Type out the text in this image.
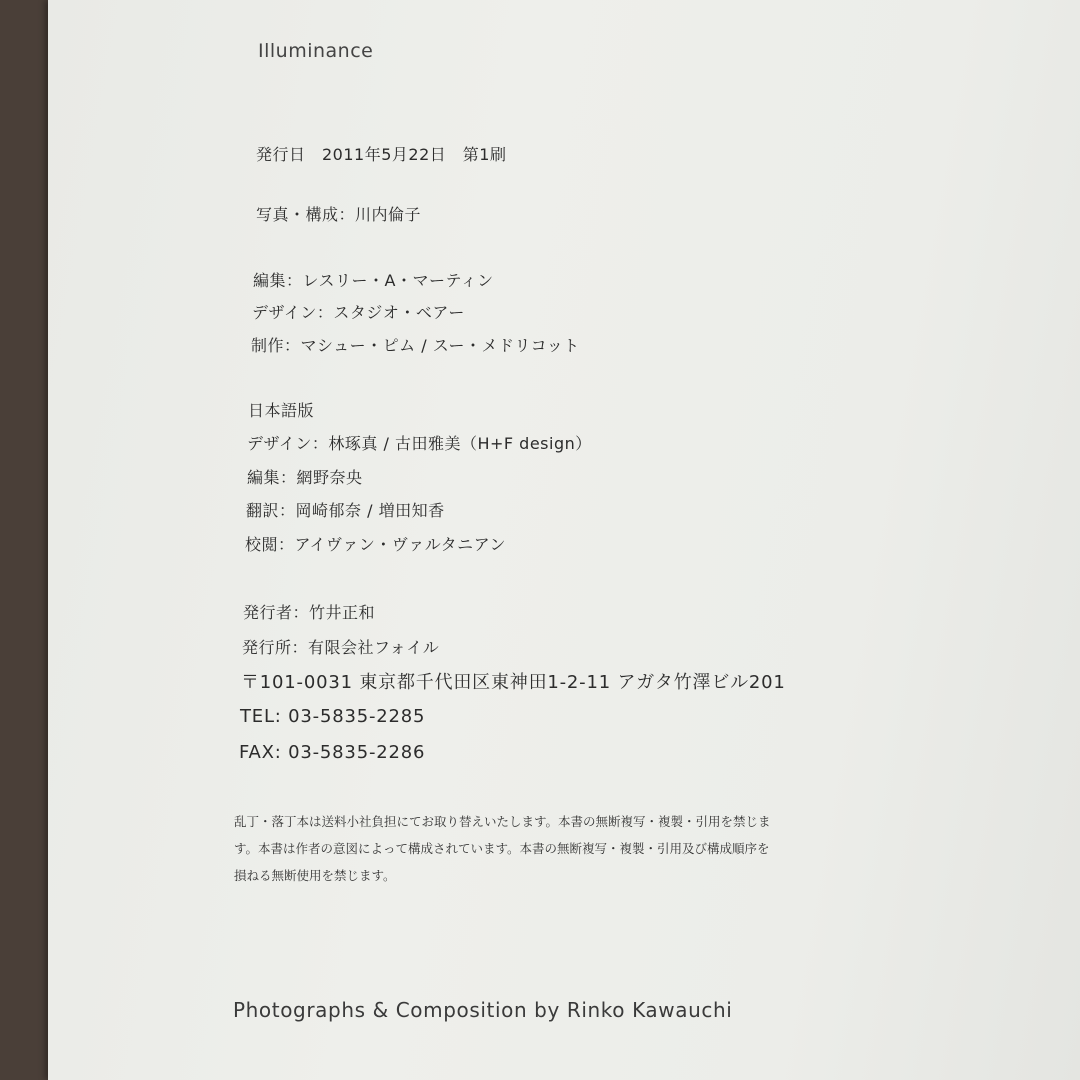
Illuminance
発行日　2011年5月22日　第1刷
写真・構成：川内倫子
編集：レスリー・A・マーティン
デザイン：スタジオ・ベアー
制作：マシュー・ピム / スー・メドリコット
日本語版
デザイン：林琢真 / 古田雅美（H+F design）
編集：網野奈央
翻訳：岡崎郁奈 / 増田知香
校閲：アイヴァン・ヴァルタニアン
発行者：竹井正和
発行所：有限会社フォイル
〒101-0031 東京都千代田区東神田1-2-11 アガタ竹澤ビル201
TEL: 03-5835-2285
FAX: 03-5835-2286
乱丁・落丁本は送料小社負担にてお取り替えいたします。本書の無断複写・複製・引用を禁じま
す。本書は作者の意図によって構成されています。本書の無断複写・複製・引用及び構成順序を
損ねる無断使用を禁じます。
Photographs & Composition by Rinko Kawauchi
